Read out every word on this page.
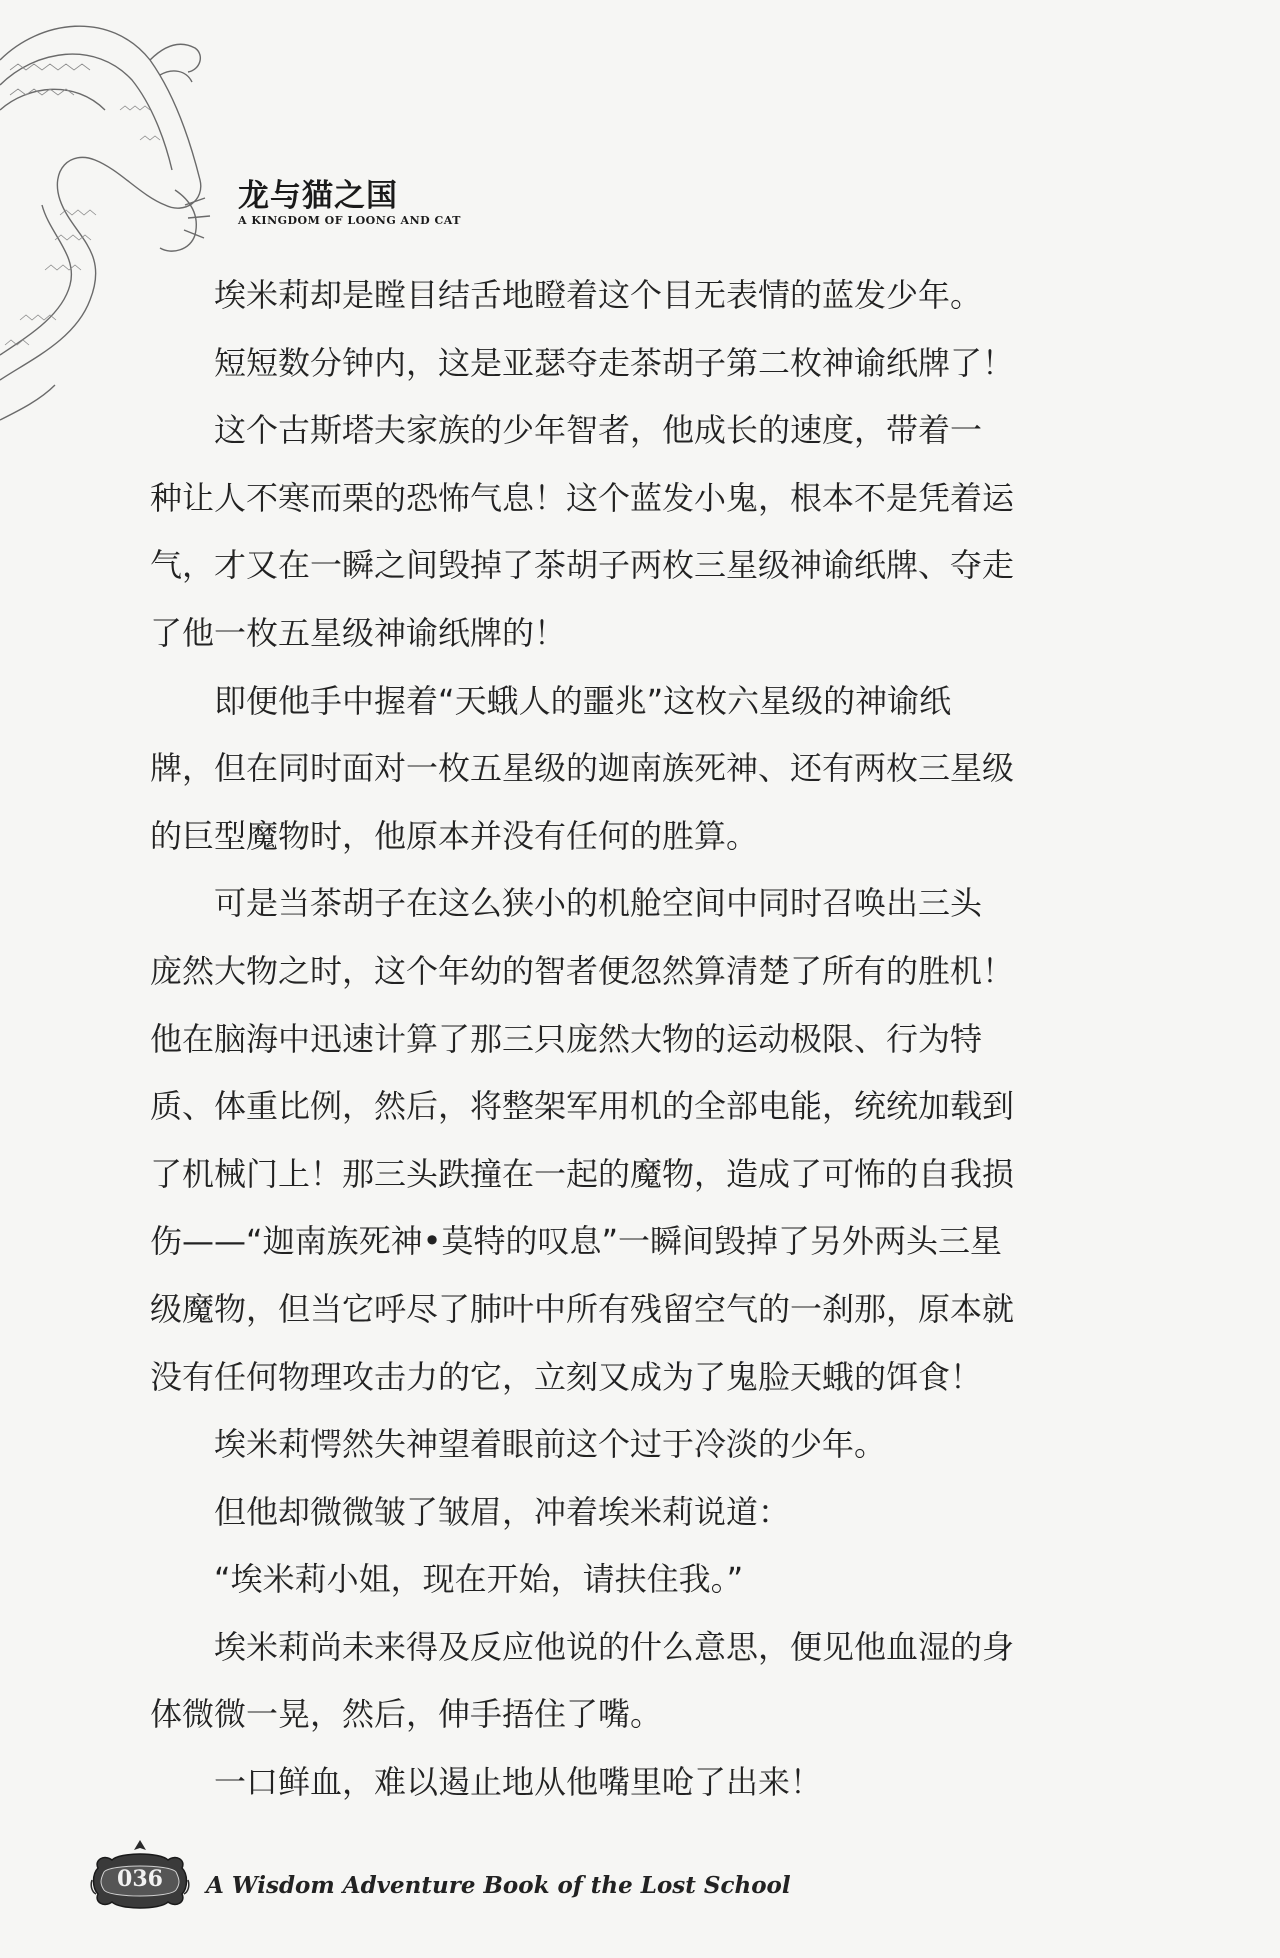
龙与猫之国
A KINGDOM OF LOONG AND CAT

　　埃米莉却是瞠目结舌地瞪着这个目无表情的蓝发少年。

　　短短数分钟内，这是亚瑟夺走茶胡子第二枚神谕纸牌了！

　　这个古斯塔夫家族的少年智者，他成长的速度，带着一

种让人不寒而栗的恐怖气息！这个蓝发小鬼，根本不是凭着运

气，才又在一瞬之间毁掉了茶胡子两枚三星级神谕纸牌、夺走

了他一枚五星级神谕纸牌的！

　　即便他手中握着“天蛾人的噩兆”这枚六星级的神谕纸

牌，但在同时面对一枚五星级的迦南族死神、还有两枚三星级

的巨型魔物时，他原本并没有任何的胜算。

　　可是当茶胡子在这么狭小的机舱空间中同时召唤出三头

庞然大物之时，这个年幼的智者便忽然算清楚了所有的胜机！

他在脑海中迅速计算了那三只庞然大物的运动极限、行为特

质、体重比例，然后，将整架军用机的全部电能，统统加载到

了机械门上！那三头跌撞在一起的魔物，造成了可怖的自我损

伤——“迦南族死神•莫特的叹息”一瞬间毁掉了另外两头三星

级魔物，但当它呼尽了肺叶中所有残留空气的一刹那，原本就

没有任何物理攻击力的它，立刻又成为了鬼脸天蛾的饵食！

　　埃米莉愕然失神望着眼前这个过于冷淡的少年。

　　但他却微微皱了皱眉，冲着埃米莉说道：

　　“埃米莉小姐，现在开始，请扶住我。”

　　埃米莉尚未来得及反应他说的什么意思，便见他血湿的身

体微微一晃，然后，伸手捂住了嘴。

　　一口鲜血，难以遏止地从他嘴里呛了出来！

036	A Wisdom Adventure Book of the Lost School
